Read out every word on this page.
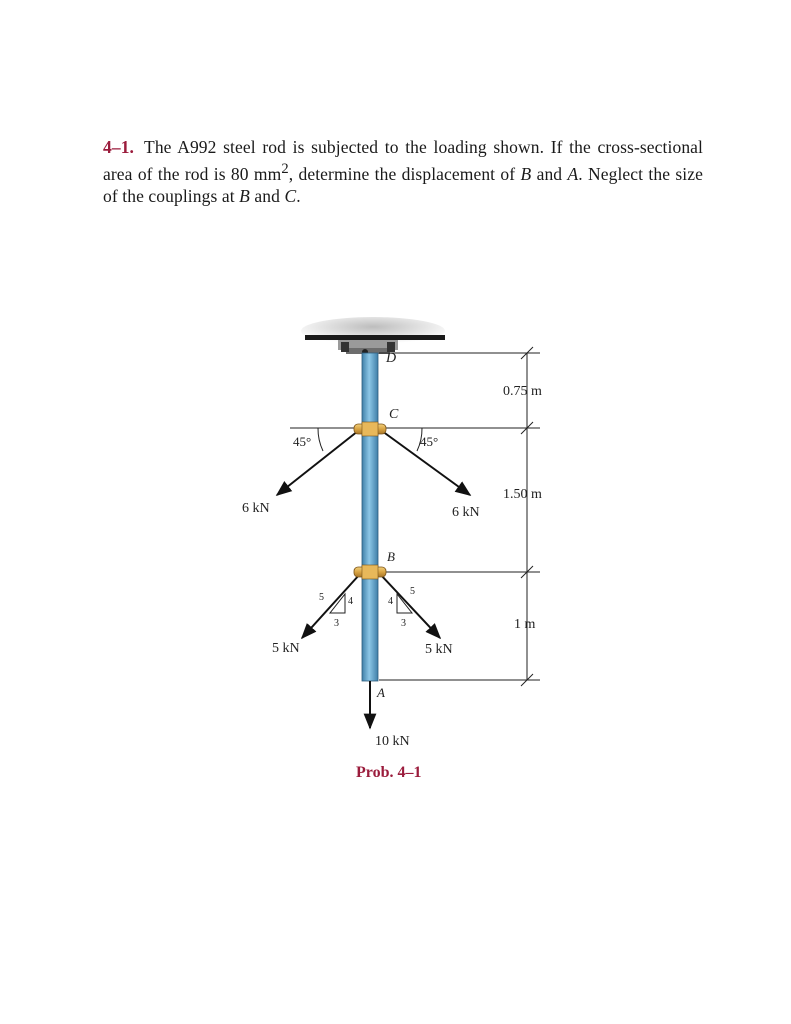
4–1. The A992 steel rod is subjected to the loading shown. If the cross-sectional area of the rod is 80 $mm^2$, determine the displacement of B and A. Neglect the size of the couplings at B and C.
D
C
B
A
45°	45°
6 kN	6 kN
5 kN	5 kN
10 kN
5 4
3
5
4
3
0.75 m
1.50 m
1 m
Prob. 4–1
